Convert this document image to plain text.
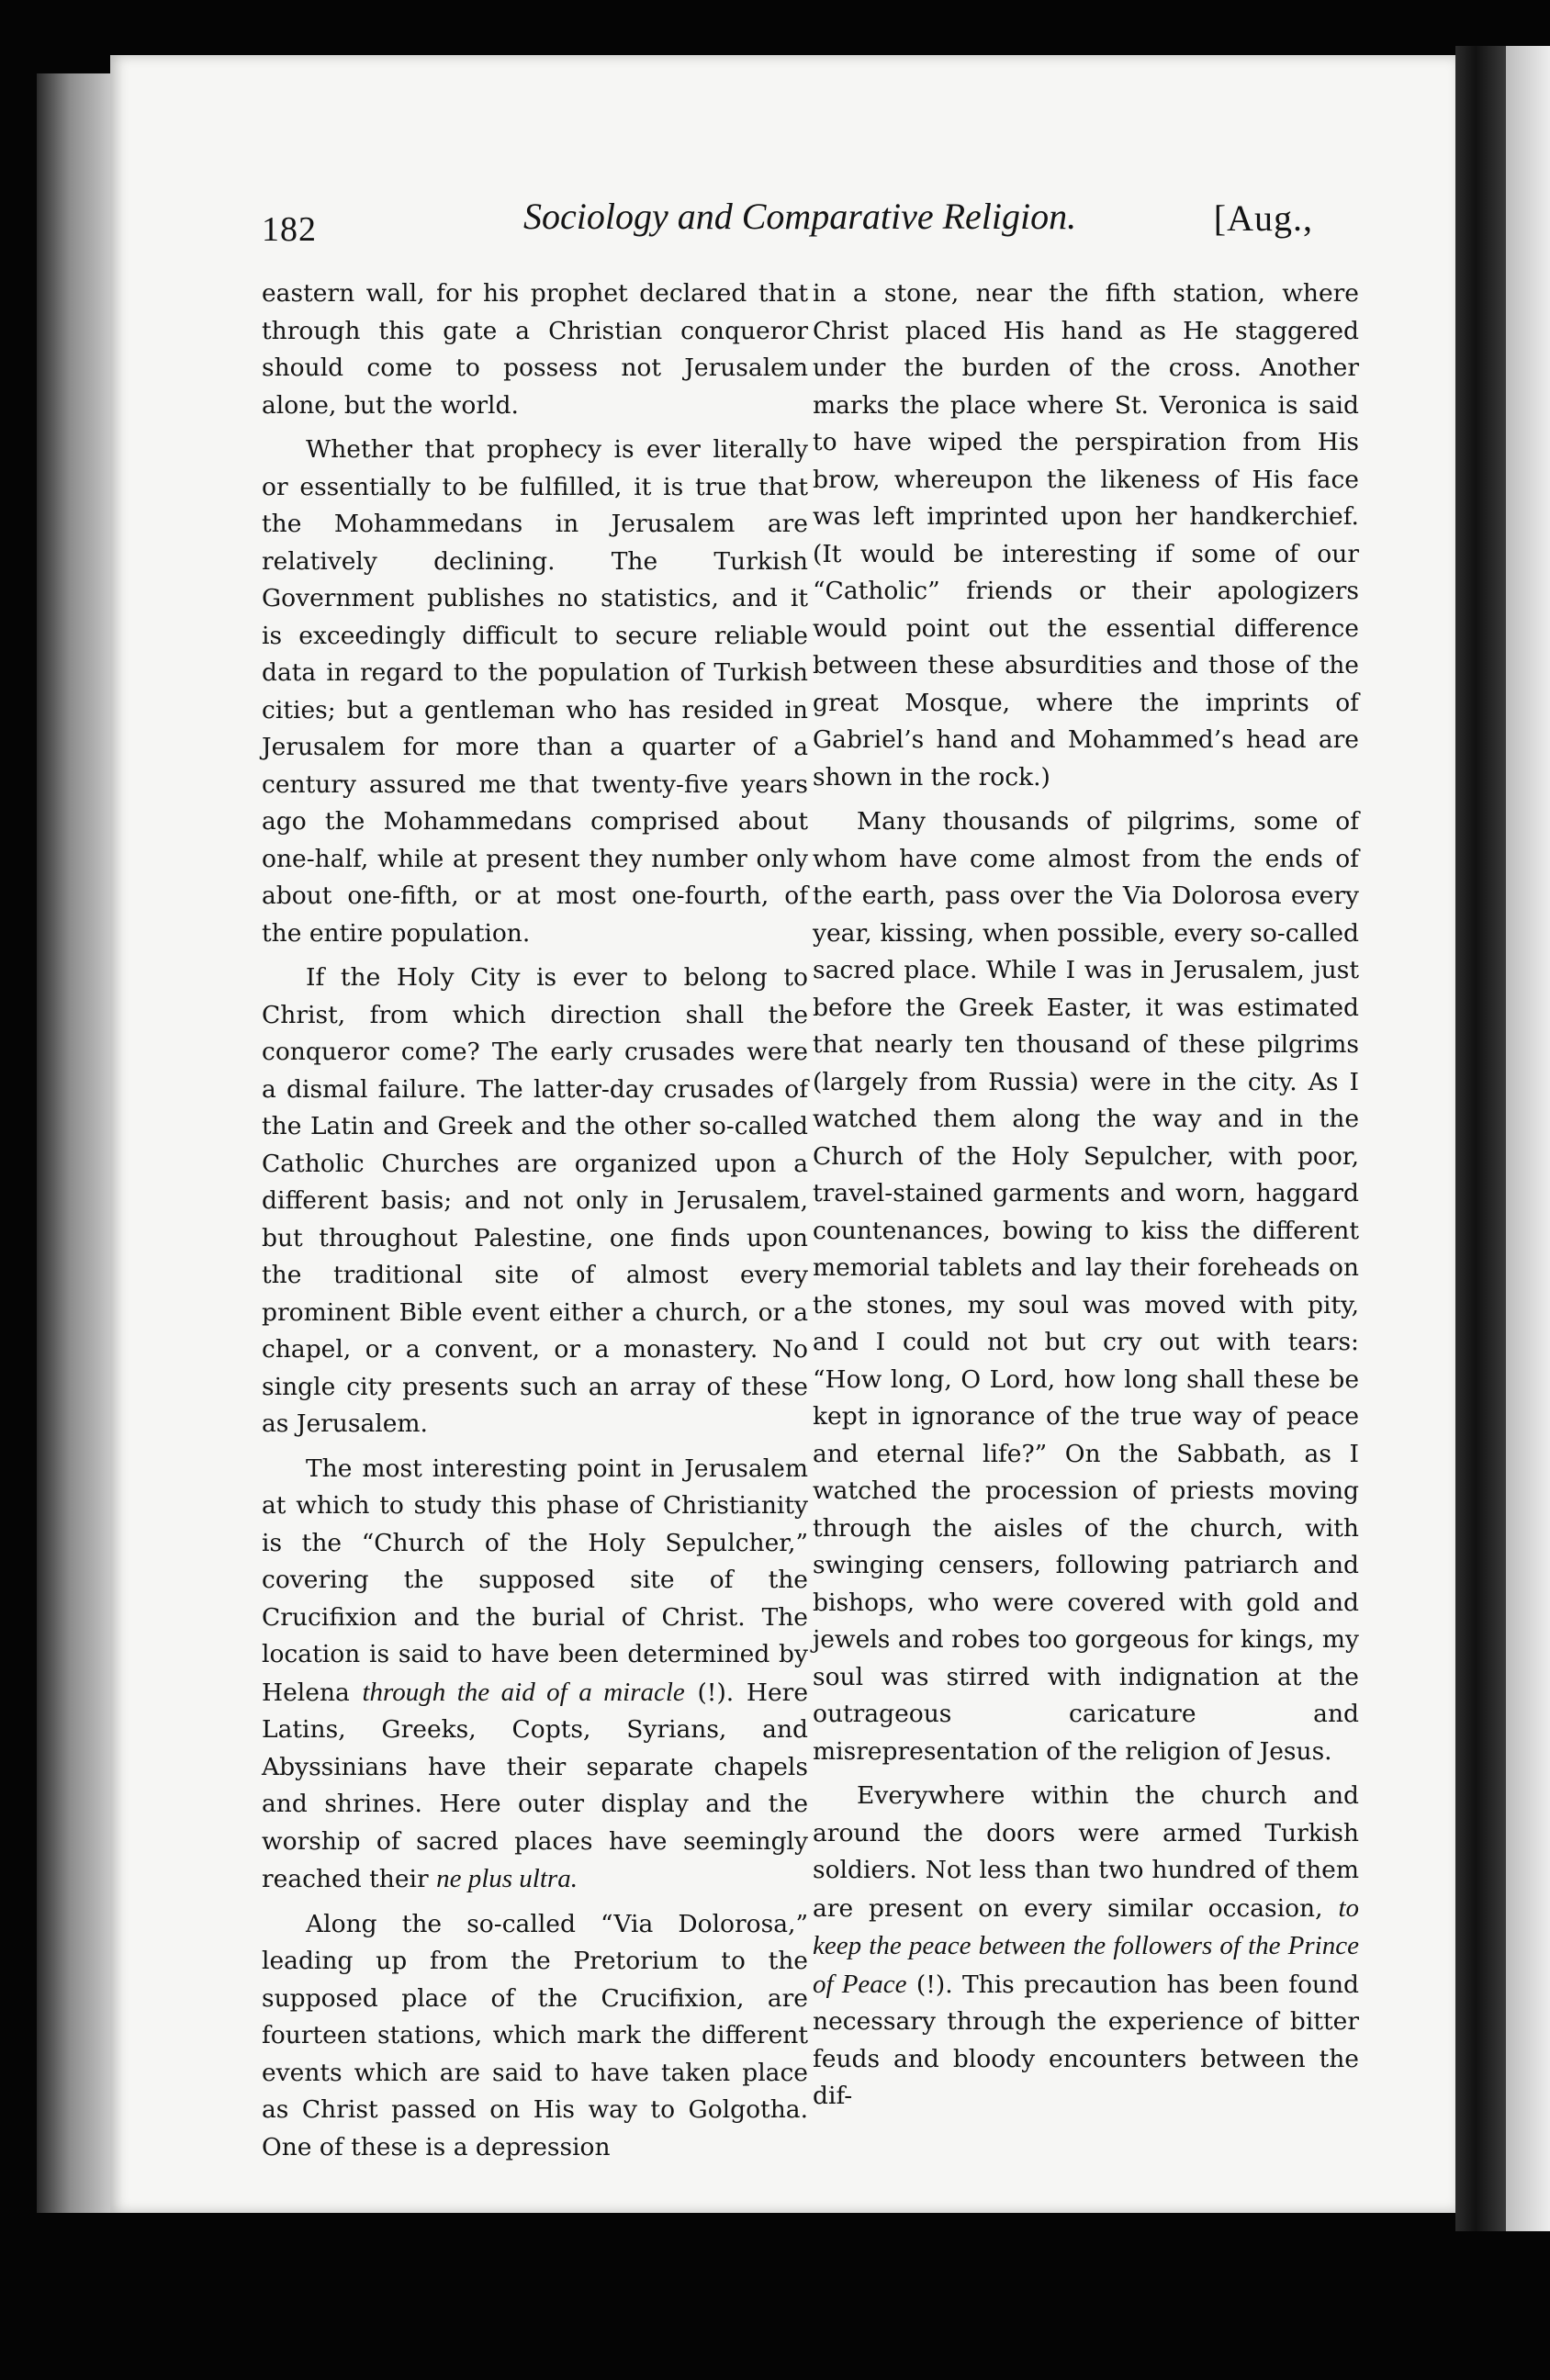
182	Sociology and Comparative Religion.	[Aug.,

eastern wall, for his prophet declared that through this gate a Christian conqueror should come to possess not Jerusalem alone, but the world.

Whether that prophecy is ever literally or essentially to be fulfilled, it is true that the Mohammedans in Jerusalem are relatively declining. The Turkish Government publishes no statistics, and it is exceedingly difficult to secure reliable data in regard to the population of Turkish cities; but a gentleman who has resided in Jerusalem for more than a quarter of a century assured me that twenty-five years ago the Mohammedans comprised about one-half, while at present they number only about one-fifth, or at most one-fourth, of the entire population.

If the Holy City is ever to belong to Christ, from which direction shall the conqueror come? The early crusades were a dismal failure. The latter-day crusades of the Latin and Greek and the other so-called Catholic Churches are organized upon a different basis; and not only in Jerusalem, but throughout Palestine, one finds upon the traditional site of almost every prominent Bible event either a church, or a chapel, or a convent, or a monastery. No single city presents such an array of these as Jerusalem.

The most interesting point in Jerusalem at which to study this phase of Christianity is the “Church of the Holy Sepulcher,” covering the supposed site of the Crucifixion and the burial of Christ. The location is said to have been determined by Helena through the aid of a miracle (!). Here Latins, Greeks, Copts, Syrians, and Abyssinians have their separate chapels and shrines. Here outer display and the worship of sacred places have seemingly reached their ne plus ultra.

Along the so-called “Via Dolorosa,” leading up from the Pretorium to the supposed place of the Crucifixion, are fourteen stations, which mark the different events which are said to have taken place as Christ passed on His way to Golgotha. One of these is a depression

in a stone, near the fifth station, where Christ placed His hand as He staggered under the burden of the cross. Another marks the place where St. Veronica is said to have wiped the perspiration from His brow, whereupon the likeness of His face was left imprinted upon her handkerchief. (It would be interesting if some of our “Catholic” friends or their apologizers would point out the essential difference between these absurdities and those of the great Mosque, where the imprints of Gabriel’s hand and Mohammed’s head are shown in the rock.)

Many thousands of pilgrims, some of whom have come almost from the ends of the earth, pass over the Via Dolorosa every year, kissing, when possible, every so-called sacred place. While I was in Jerusalem, just before the Greek Easter, it was estimated that nearly ten thousand of these pilgrims (largely from Russia) were in the city. As I watched them along the way and in the Church of the Holy Sepulcher, with poor, travel-stained garments and worn, haggard countenances, bowing to kiss the different memorial tablets and lay their foreheads on the stones, my soul was moved with pity, and I could not but cry out with tears: “How long, O Lord, how long shall these be kept in ignorance of the true way of peace and eternal life?” On the Sabbath, as I watched the procession of priests moving through the aisles of the church, with swinging censers, following patriarch and bishops, who were covered with gold and jewels and robes too gorgeous for kings, my soul was stirred with indignation at the outrageous caricature and misrepresentation of the religion of Jesus.

Everywhere within the church and around the doors were armed Turkish soldiers. Not less than two hundred of them are present on every similar occasion, to keep the peace between the followers of the Prince of Peace (!). This precaution has been found necessary through the experience of bitter feuds and bloody encounters between the dif-
